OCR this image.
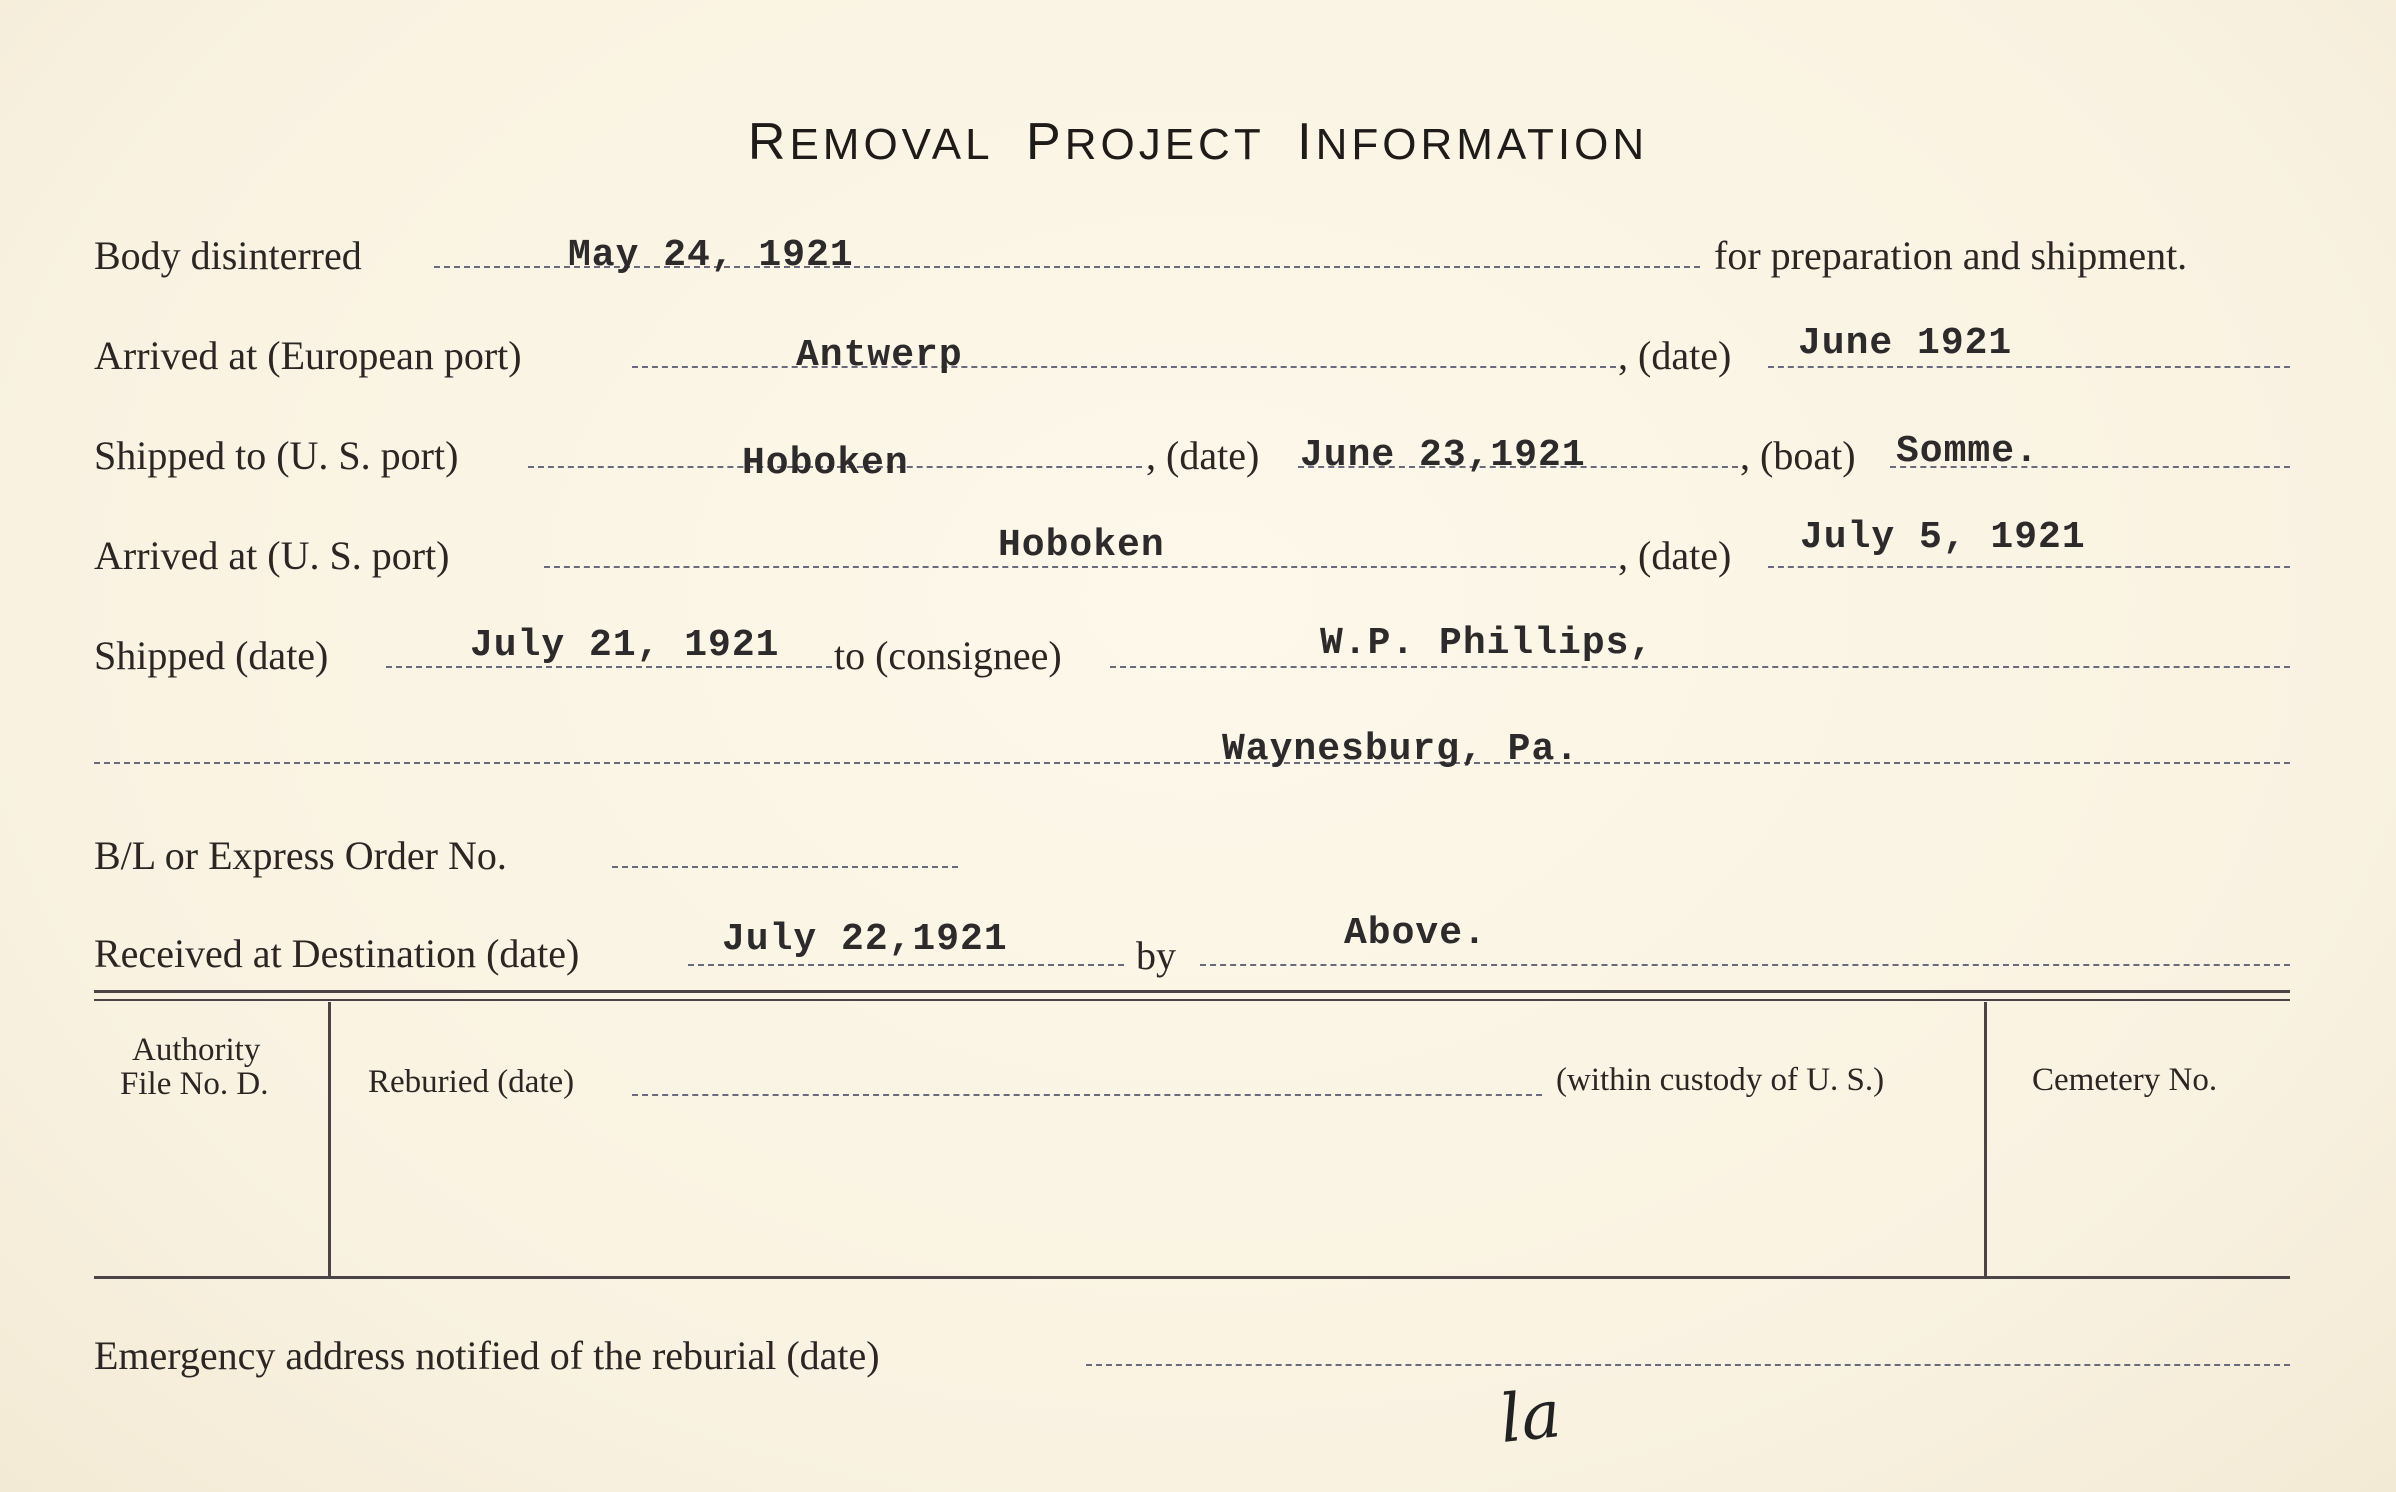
REMOVAL PROJECT INFORMATION
Body disinterred	May 24, 1921	for preparation and shipment.
Arrived at (European port)	Antwerp	, (date) June 1921
Shipped to (U. S. port)	Hoboken	, (date) June 23,1921	, (boat) Somme.
Arrived at (U. S. port)	Hoboken	, (date) July 5, 1921
Shipped (date)	July 21, 1921 to (consignee)	W.P. Phillips,
Waynesburg, Pa.
B/L or Express Order No.
Received at Destination (date)	July 22,1921	by	Above.
Authority
File No. D.	Reburied (date)	(within custody of U. S.)	Cemetery No.
Emergency address notified of the reburial (date)
la
